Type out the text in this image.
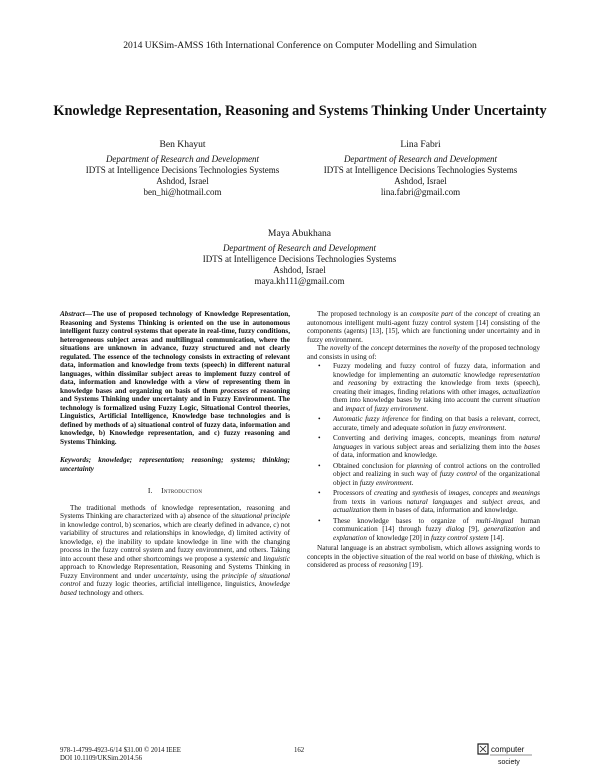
2014 UKSim-AMSS 16th International Conference on Computer Modelling and Simulation
Knowledge Representation, Reasoning and Systems Thinking Under Uncertainty
Ben Khayut
Department of Research and Development
IDTS at Intelligence Decisions Technologies Systems
Ashdod, Israel
ben_hi@hotmail.com
Lina Fabri
Department of Research and Development
IDTS at Intelligence Decisions Technologies Systems
Ashdod, Israel
lina.fabri@gmail.com
Maya Abukhana
Department of Research and Development
IDTS at Intelligence Decisions Technologies Systems
Ashdod, Israel
maya.kh111@gmail.com
Abstract—The use of proposed technology of Knowledge Representation, Reasoning and Systems Thinking is oriented on the use in autonomous intelligent fuzzy control systems that operate in real-time, fuzzy conditions, heterogeneous subject areas and multilingual communication, where the situations are unknown in advance, fuzzy structured and not clearly regulated. The essence of the technology consists in extracting of relevant data, information and knowledge from texts (speech) in different natural languages, within dissimilar subject areas to implement fuzzy control of data, information and knowledge with a view of representing them in knowledge bases and organizing on basis of them processes of reasoning and Systems Thinking under uncertainty and in Fuzzy Environment. The technology is formalized using Fuzzy Logic, Situational Control theories, Linguistics, Artificial Intelligence, Knowledge base technologies and is defined by methods of a) situational control of fuzzy data, information and knowledge, b) Knowledge representation, and c) fuzzy reasoning and Systems Thinking.
Keywords; knowledge; representation; reasoning; systems; thinking; uncertainty
I. Introduction

The traditional methods of knowledge representation, reasoning and Systems Thinking are characterized with a) absence of the situational principle in knowledge control, b) scenarios, which are clearly defined in advance, c) not variability of structures and relationships in knowledge, d) limited activity of knowledge, e) the inability to update knowledge in line with the changing process in the fuzzy control system and fuzzy environment, and others. Taking into account these and other shortcomings we propose a systemic and linguistic approach to Knowledge Representation, Reasoning and Systems Thinking in Fuzzy Environment and under uncertainty, using the principle of situational control and fuzzy logic theories, artificial intelligence, linguistics, knowledge based technology and others.

The proposed technology is an composite part of the concept of creating an autonomous intelligent multi-agent fuzzy control system [14] consisting of the components (agents) [13], [15], which are functioning under uncertainty and in fuzzy environment.

The novelty of the concept determines the novelty of the proposed technology and consists in using of:

• Fuzzy modeling and fuzzy control of fuzzy data, information and knowledge for implementing an automatic knowledge representation and reasoning by extracting the knowledge from texts (speech), creating their images, finding relations with other images, actualization them into knowledge bases by taking into account the current situation and impact of fuzzy environment.
• Automatic fuzzy inference for finding on that basis a relevant, correct, accurate, timely and adequate solution in fuzzy environment.
• Converting and deriving images, concepts, meanings from natural languages in various subject areas and serializing them into the bases of data, information and knowledge.
• Obtained conclusion for planning of control actions on the controlled object and realizing in such way of fuzzy control of the organizational object in fuzzy environment.
• Processors of creating and synthesis of images, concepts and meanings from texts in various natural languages and subject areas, and actualization them in bases of data, information and knowledge.
• These knowledge bases to organize of multi-lingual human communication [14] through fuzzy dialog [9], generalization and explanation of knowledge [20] in fuzzy control system [14].

Natural language is an abstract symbolism, which allows assigning words to concepts in the objective situation of the real world on base of thinking, which is considered as process of reasoning [19].

978-1-4799-4923-6/14 $31.00 © 2014 IEEE
DOI 10.1109/UKSim.2014.56
162	computer
society
